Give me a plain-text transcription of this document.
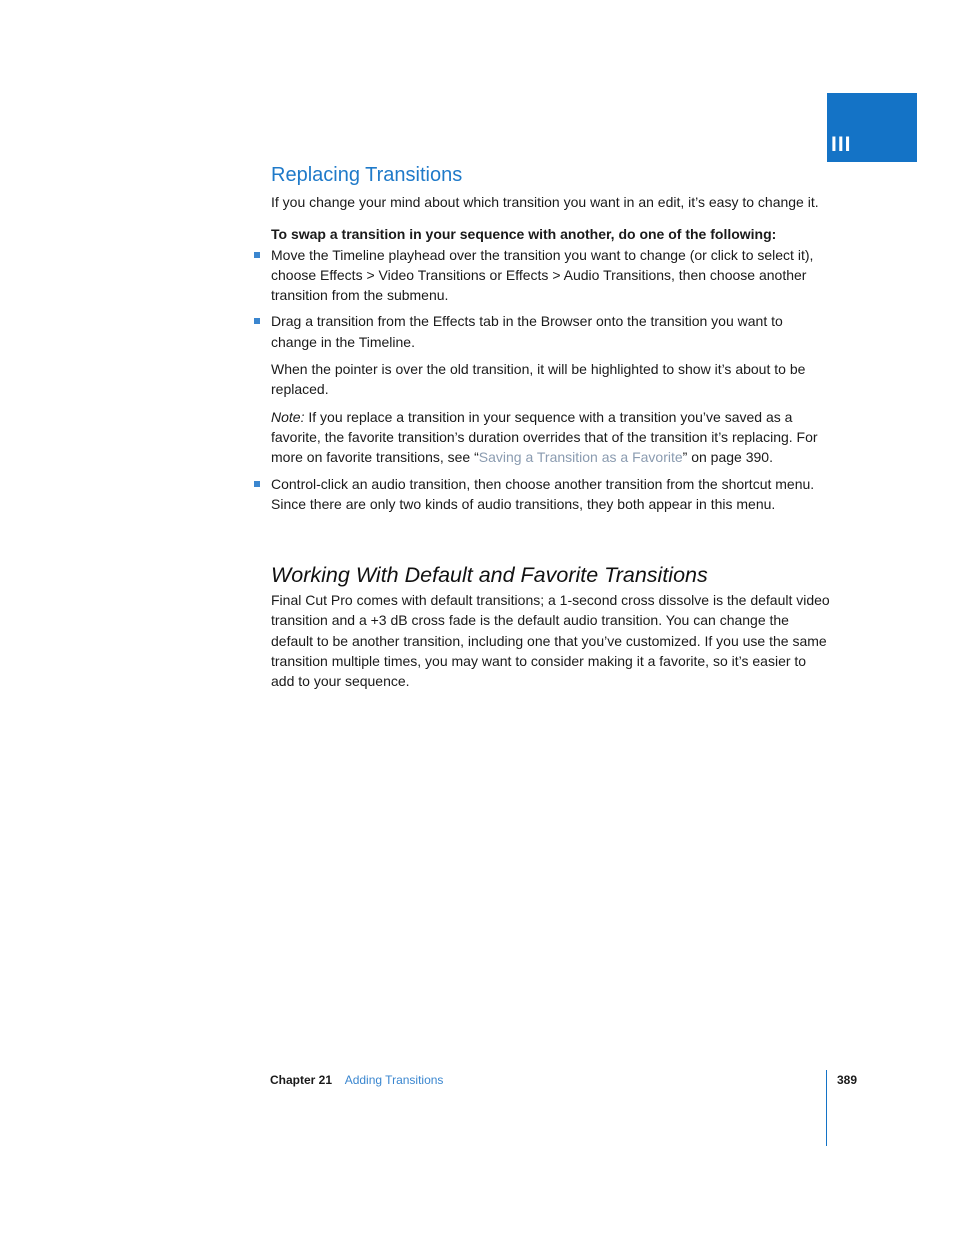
III
Replacing Transitions

If you change your mind about which transition you want in an edit, it’s easy to change it.

To swap a transition in your sequence with another, do one of the following:

Move the Timeline playhead over the transition you want to change (or click to select it), choose Effects > Video Transitions or Effects > Audio Transitions, then choose another transition from the submenu.

Drag a transition from the Effects tab in the Browser onto the transition you want to change in the Timeline.

When the pointer is over the old transition, it will be highlighted to show it’s about to be replaced.

Note: If you replace a transition in your sequence with a transition you’ve saved as a favorite, the favorite transition’s duration overrides that of the transition it’s replacing. For more on favorite transitions, see “Saving a Transition as a Favorite” on page 390.

Control-click an audio transition, then choose another transition from the shortcut menu. Since there are only two kinds of audio transitions, they both appear in this menu.

Working With Default and Favorite Transitions

Final Cut Pro comes with default transitions; a 1-second cross dissolve is the default video transition and a +3 dB cross fade is the default audio transition. You can change the default to be another transition, including one that you’ve customized. If you use the same transition multiple times, you may want to consider making it a favorite, so it’s easier to add to your sequence.

Chapter 21 Adding Transitions	389
